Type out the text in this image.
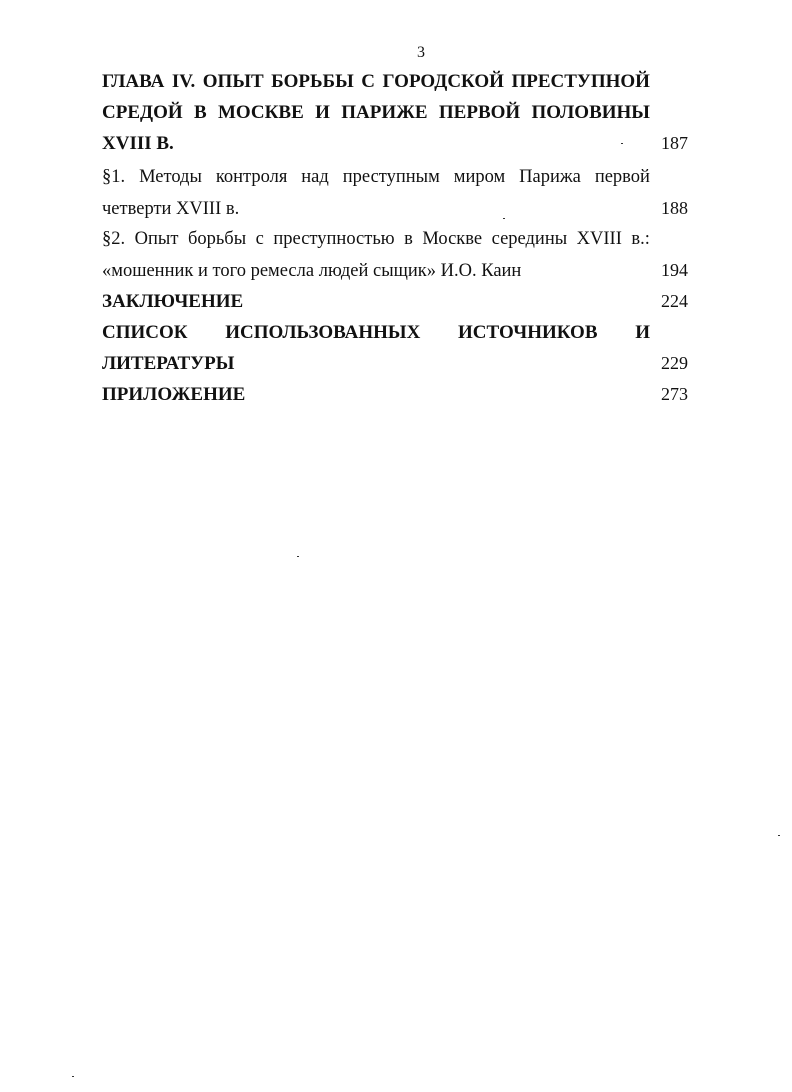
3
ГЛАВА IV. ОПЫТ БОРЬБЫ С ГОРОДСКОЙ ПРЕСТУПНОЙ
СРЕДОЙ В МОСКВЕ И ПАРИЖЕ ПЕРВОЙ ПОЛОВИНЫ
XVIII В.	187
§1. Методы контроля над преступным миром Парижа первой
четверти XVIII в.	188
§2. Опыт борьбы с преступностью в Москве середины XVIII в.:
«мошенник и того ремесла людей сыщик» И.О. Каин	194
ЗАКЛЮЧЕНИЕ	224
СПИСОК ИСПОЛЬЗОВАННЫХ ИСТОЧНИКОВ И
ЛИТЕРАТУРЫ	229
ПРИЛОЖЕНИЕ	273
